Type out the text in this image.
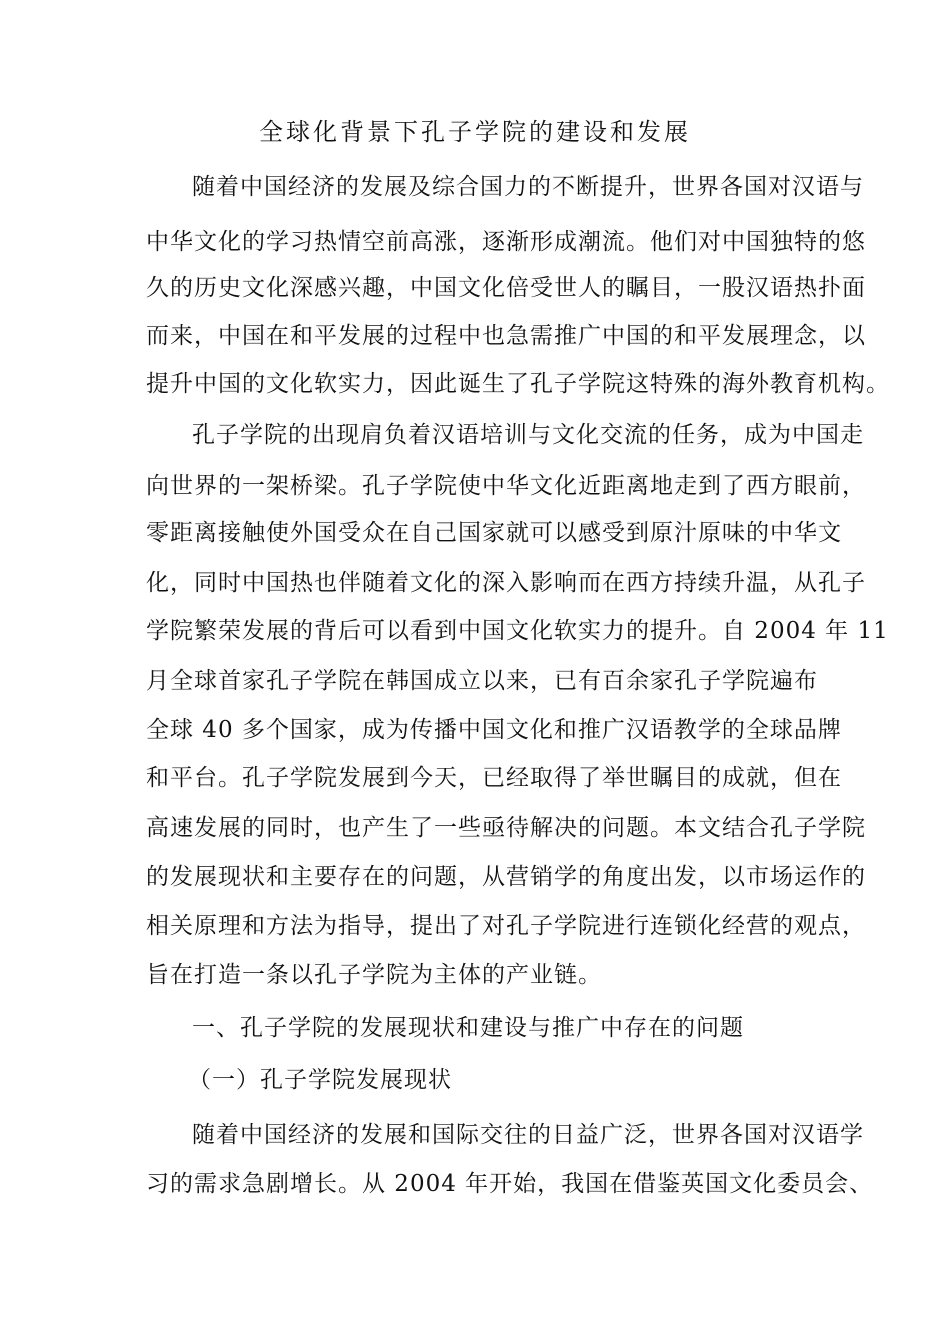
全球化背景下孔子学院的建设和发展

随着中国经济的发展及综合国力的不断提升，世界各国对汉语与

中华文化的学习热情空前高涨，逐渐形成潮流。他们对中国独特的悠

久的历史文化深感兴趣，中国文化倍受世人的瞩目，一股汉语热扑面

而来，中国在和平发展的过程中也急需推广中国的和平发展理念，以

提升中国的文化软实力，因此诞生了孔子学院这特殊的海外教育机构。

孔子学院的出现肩负着汉语培训与文化交流的任务，成为中国走

向世界的一架桥梁。孔子学院使中华文化近距离地走到了西方眼前，

零距离接触使外国受众在自己国家就可以感受到原汁原味的中华文

化，同时中国热也伴随着文化的深入影响而在西方持续升温，从孔子

学院繁荣发展的背后可以看到中国文化软实力的提升。自 2004 年 11

月全球首家孔子学院在韩国成立以来，已有百余家孔子学院遍布

全球 40 多个国家，成为传播中国文化和推广汉语教学的全球品牌

和平台。孔子学院发展到今天，已经取得了举世瞩目的成就，但在

高速发展的同时，也产生了一些亟待解决的问题。本文结合孔子学院

的发展现状和主要存在的问题，从营销学的角度出发，以市场运作的

相关原理和方法为指导，提出了对孔子学院进行连锁化经营的观点，

旨在打造一条以孔子学院为主体的产业链。

一、孔子学院的发展现状和建设与推广中存在的问题

（一）孔子学院发展现状

随着中国经济的发展和国际交往的日益广泛，世界各国对汉语学

习的需求急剧增长。从 2004 年开始，我国在借鉴英国文化委员会、
